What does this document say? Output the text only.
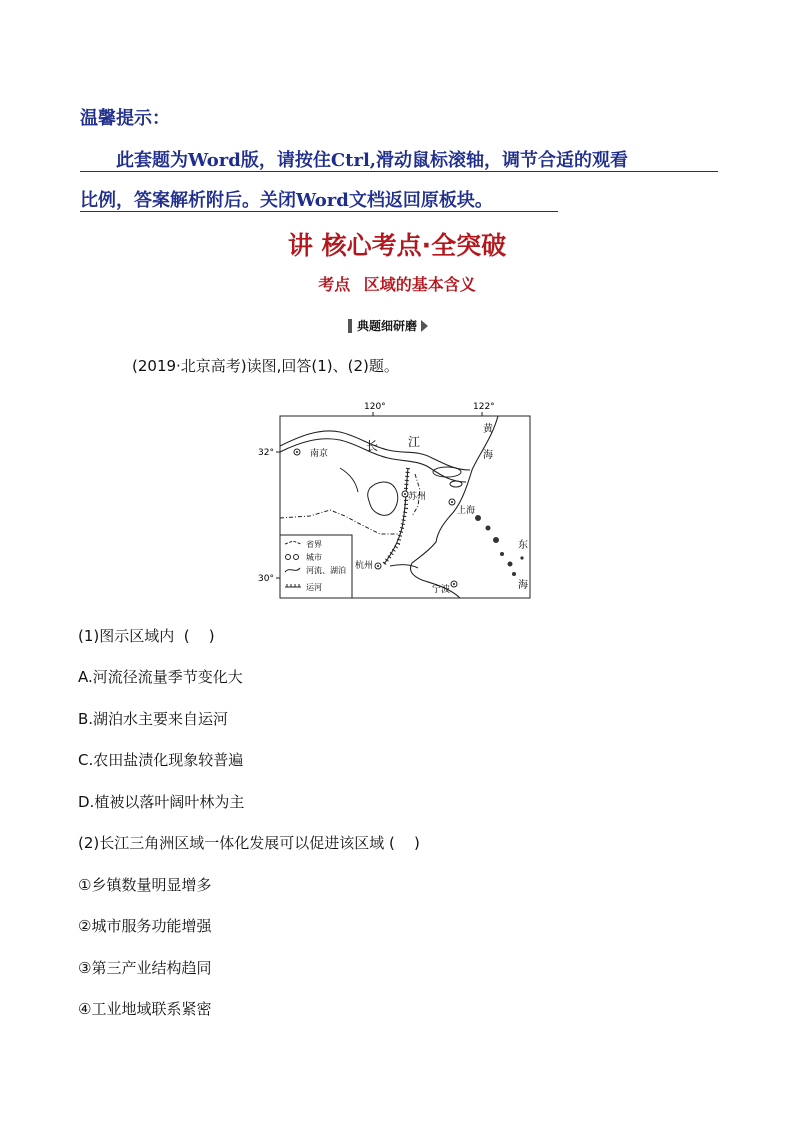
温馨提示：
此套题为Word版，请按住Ctrl,滑动鼠标滚轴，调节合适的观看
比例，答案解析附后。关闭Word文档返回原板块。
讲 核心考点·全突破
考点 区域的基本含义
典题细研磨
(2019·北京高考)读图,回答(1)、(2)题。
120°	122°
32°
30°
长 江
黄
海
东
海
南京
苏州
上海
杭州
宁波
省界
城市
河流、湖泊
运河
(1)图示区域内  (    )
A.河流径流量季节变化大
B.湖泊水主要来自运河
C.农田盐渍化现象较普遍
D.植被以落叶阔叶林为主
(2)长江三角洲区域一体化发展可以促进该区域 (    )
①乡镇数量明显增多
②城市服务功能增强
③第三产业结构趋同
④工业地域联系紧密
